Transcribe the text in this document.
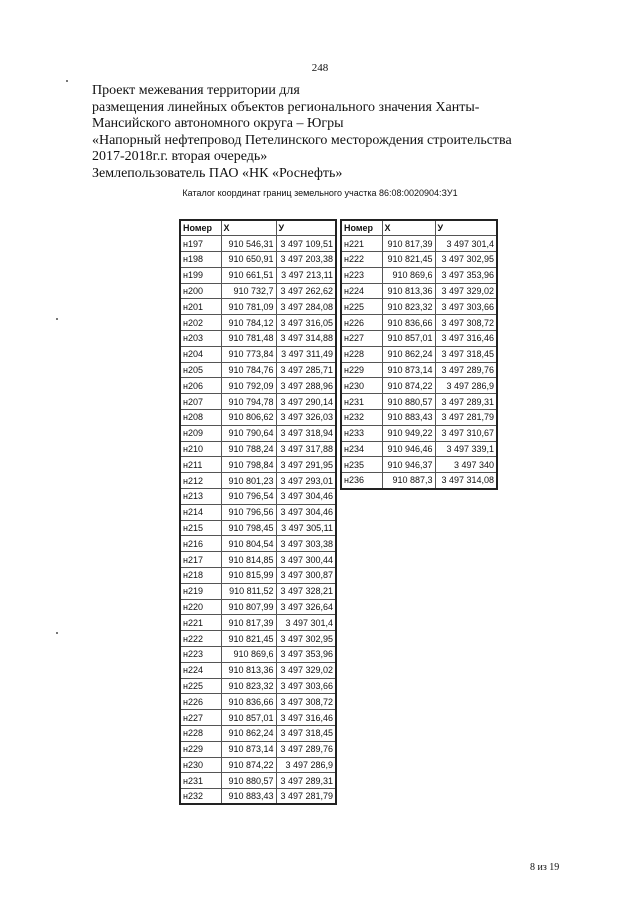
248
Проект межевания территории для
размещения линейных объектов регионального значения Ханты-
Мансийского автономного округа – Югры
«Напорный нефтепровод Петелинского месторождения строительства
2017-2018г.г. вторая очередь»
Землепользователь ПАО «НК «Роснефть»
Каталог координат границ земельного участка 86:08:0020904:ЗУ1
Номер	X	У
н197	910 546,31	3 497 109,51
н198	910 650,91	3 497 203,38
н199	910 661,51	3 497 213,11
н200	910 732,7	3 497 262,62
н201	910 781,09	3 497 284,08
н202	910 784,12	3 497 316,05
н203	910 781,48	3 497 314,88
н204	910 773,84	3 497 311,49
н205	910 784,76	3 497 285,71
н206	910 792,09	3 497 288,96
н207	910 794,78	3 497 290,14
н208	910 806,62	3 497 326,03
н209	910 790,64	3 497 318,94
н210	910 788,24	3 497 317,88
н211	910 798,84	3 497 291,95
н212	910 801,23	3 497 293,01
н213	910 796,54	3 497 304,46
н214	910 796,56	3 497 304,46
н215	910 798,45	3 497 305,11
н216	910 804,54	3 497 303,38
н217	910 814,85	3 497 300,44
н218	910 815,99	3 497 300,87
н219	910 811,52	3 497 328,21
н220	910 807,99	3 497 326,64
н221	910 817,39	3 497 301,4
н222	910 821,45	3 497 302,95
н223	910 869,6	3 497 353,96
н224	910 813,36	3 497 329,02
н225	910 823,32	3 497 303,66
н226	910 836,66	3 497 308,72
н227	910 857,01	3 497 316,46
н228	910 862,24	3 497 318,45
н229	910 873,14	3 497 289,76
н230	910 874,22	3 497 286,9
н231	910 880,57	3 497 289,31
н232	910 883,43	3 497 281,79
Номер	X	У
н221	910 817,39	3 497 301,4
н222	910 821,45	3 497 302,95
н223	910 869,6	3 497 353,96
н224	910 813,36	3 497 329,02
н225	910 823,32	3 497 303,66
н226	910 836,66	3 497 308,72
н227	910 857,01	3 497 316,46
н228	910 862,24	3 497 318,45
н229	910 873,14	3 497 289,76
н230	910 874,22	3 497 286,9
н231	910 880,57	3 497 289,31
н232	910 883,43	3 497 281,79
н233	910 949,22	3 497 310,67
н234	910 946,46	3 497 339,1
н235	910 946,37	3 497 340
н236	910 887,3	3 497 314,08
8 из 19
